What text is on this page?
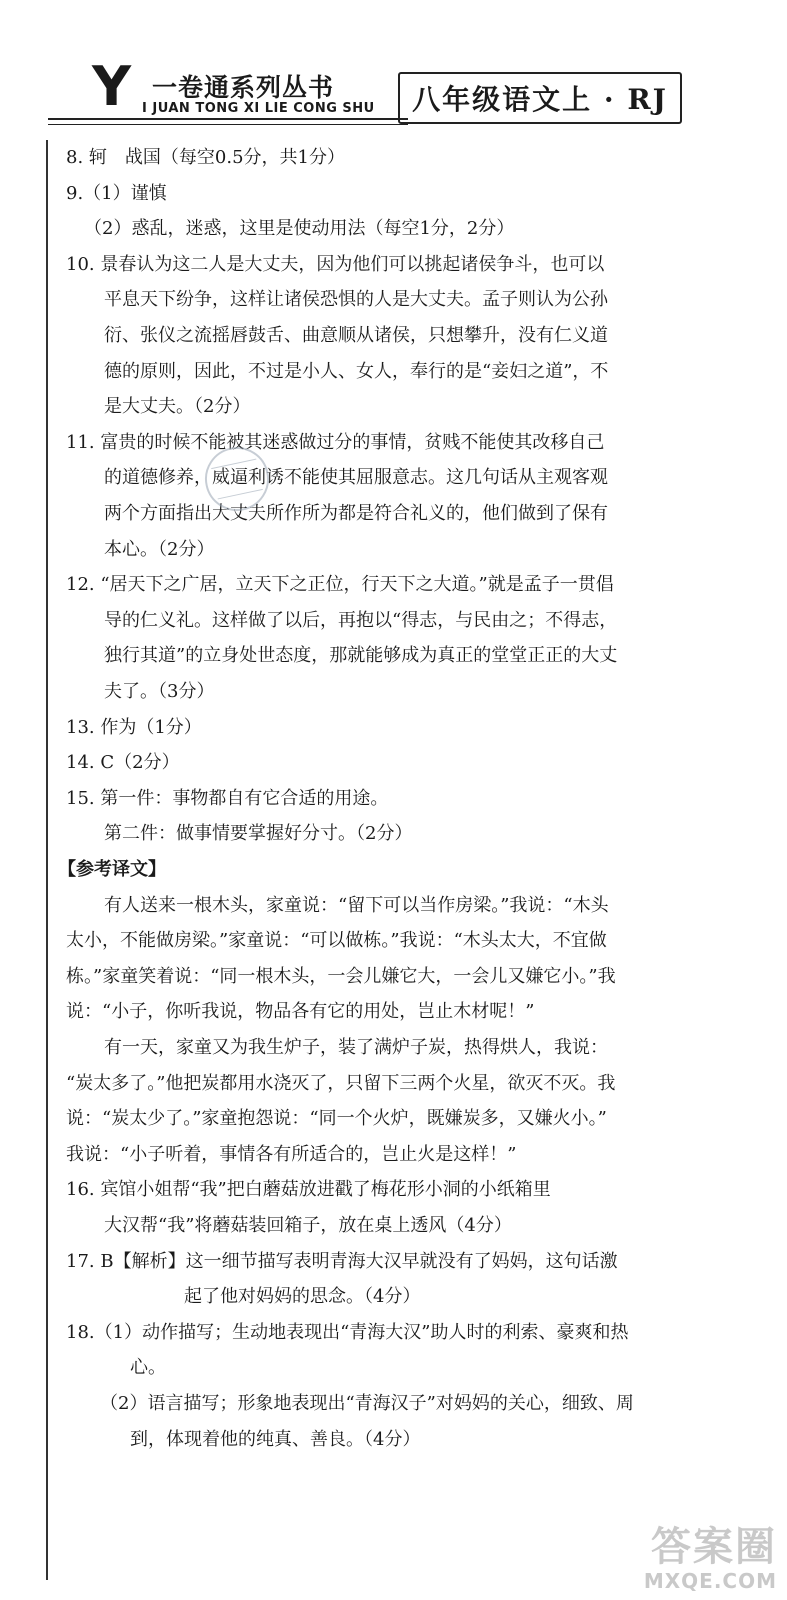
Y 一卷通系列丛书
I JUAN TONG XI LIE CONG SHU	八年级语文上 · RJ
8. 轲　战国（每空0.5分，共1分）
9.（1）谨慎
（2）惑乱，迷惑，这里是使动用法（每空1分，2分）
10. 景春认为这二人是大丈夫，因为他们可以挑起诸侯争斗，也可以
平息天下纷争，这样让诸侯恐惧的人是大丈夫。孟子则认为公孙
衍、张仪之流摇唇鼓舌、曲意顺从诸侯，只想攀升，没有仁义道
德的原则，因此，不过是小人、女人，奉行的是“妾妇之道”，不
是大丈夫。（2分）
11. 富贵的时候不能被其迷惑做过分的事情，贫贱不能使其改移自己
的道德修养，威逼利诱不能使其屈服意志。这几句话从主观客观
两个方面指出大丈夫所作所为都是符合礼义的，他们做到了保有
本心。（2分）
12. “居天下之广居，立天下之正位，行天下之大道。”就是孟子一贯倡
导的仁义礼。这样做了以后，再抱以“得志，与民由之；不得志，
独行其道”的立身处世态度，那就能够成为真正的堂堂正正的大丈
夫了。（3分）
13. 作为（1分）
14. C（2分）
15. 第一件：事物都自有它合适的用途。
第二件：做事情要掌握好分寸。（2分）
【参考译文】
有人送来一根木头，家童说：“留下可以当作房梁。”我说：“木头
太小，不能做房梁。”家童说：“可以做栋。”我说：“木头太大，不宜做
栋。”家童笑着说：“同一根木头，一会儿嫌它大，一会儿又嫌它小。”我
说：“小子，你听我说，物品各有它的用处，岂止木材呢！”
有一天，家童又为我生炉子，装了满炉子炭，热得烘人，我说：
“炭太多了。”他把炭都用水浇灭了，只留下三两个火星，欲灭不灭。我
说：“炭太少了。”家童抱怨说：“同一个火炉，既嫌炭多，又嫌火小。”
我说：“小子听着，事情各有所适合的，岂止火是这样！”
16. 宾馆小姐帮“我”把白蘑菇放进戳了梅花形小洞的小纸箱里
大汉帮“我”将蘑菇装回箱子，放在桌上透风（4分）
17. B【解析】这一细节描写表明青海大汉早就没有了妈妈，这句话激
起了他对妈妈的思念。（4分）
18.（1）动作描写；生动地表现出“青海大汉”助人时的利索、豪爽和热
心。
（2）语言描写；形象地表现出“青海汉子”对妈妈的关心，细致、周
到，体现着他的纯真、善良。（4分）
答案圈
MXQE.COM
